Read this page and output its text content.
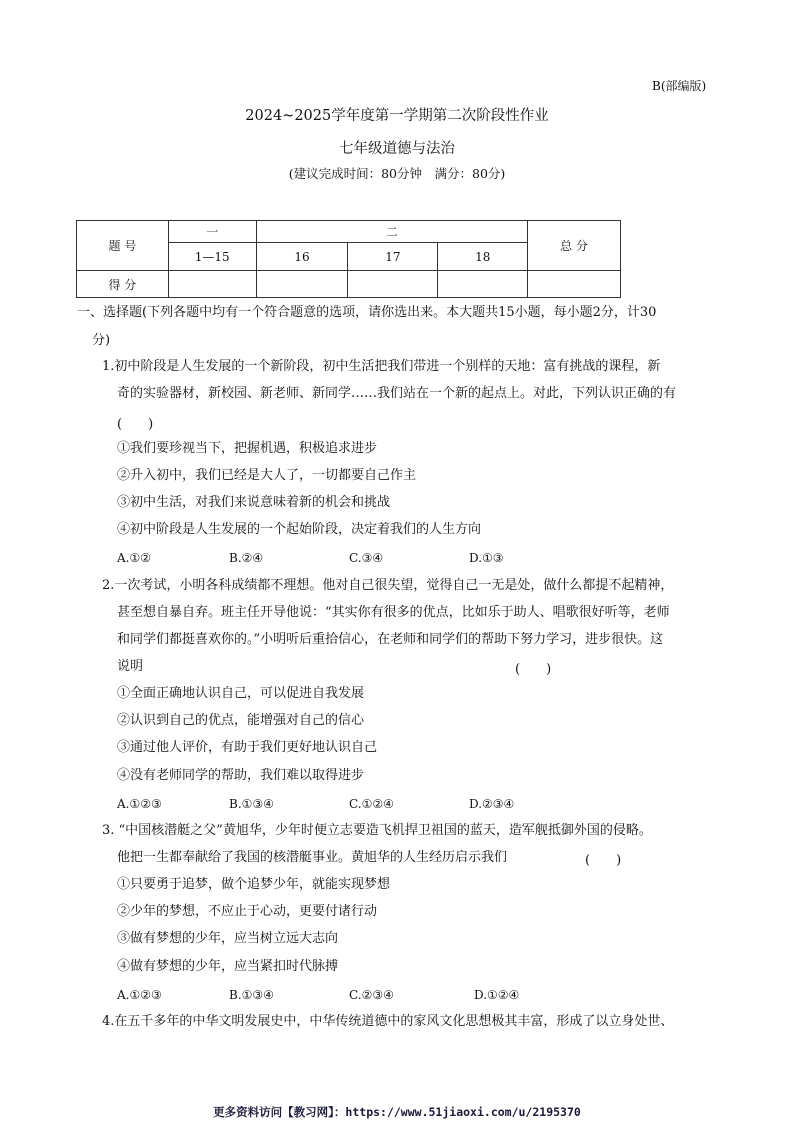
B(部编版)
2024~2025学年度第一学期第二次阶段性作业
七年级道德与法治
(建议完成时间：80分钟　满分：80分)
题 号	一	二			总 分
	1—15	16	17	18	
得 分					
一、选择题(下列各题中均有一个符合题意的选项，请你选出来。本大题共15小题，每小题2分，计30
分)
1.初中阶段是人生发展的一个新阶段，初中生活把我们带进一个别样的天地：富有挑战的课程，新
奇的实验器材，新校园、新老师、新同学……我们站在一个新的起点上。对此，下列认识正确的有
(　　)
①我们要珍视当下，把握机遇，积极追求进步
②升入初中，我们已经是大人了，一切都要自己作主
③初中生活，对我们来说意味着新的机会和挑战
④初中阶段是人生发展的一个起始阶段，决定着我们的人生方向
A.①②	B.②④	C.③④	D.①③
2.一次考试，小明各科成绩都不理想。他对自己很失望，觉得自己一无是处，做什么都提不起精神，
甚至想自暴自弃。班主任开导他说：“其实你有很多的优点，比如乐于助人、唱歌很好听等，老师
和同学们都挺喜欢你的。”小明听后重拾信心，在老师和同学们的帮助下努力学习，进步很快。这
说明	(　　)
①全面正确地认识自己，可以促进自我发展
②认识到自己的优点，能增强对自己的信心
③通过他人评价，有助于我们更好地认识自己
④没有老师同学的帮助，我们难以取得进步
A.①②③	B.①③④	C.①②④	D.②③④
3. “中国核潜艇之父”黄旭华，少年时便立志要造飞机捍卫祖国的蓝天，造军舰抵御外国的侵略。
他把一生都奉献给了我国的核潜艇事业。黄旭华的人生经历启示我们	(　　)
①只要勇于追梦，做个追梦少年，就能实现梦想
②少年的梦想，不应止于心动，更要付诸行动
③做有梦想的少年，应当树立远大志向
④做有梦想的少年，应当紧扣时代脉搏
A.①②③	B.①③④	C.②③④	D.①②④
4.在五千多年的中华文明发展史中，中华传统道德中的家风文化思想极其丰富，形成了以立身处世、
更多资料访问【教习网】：https://www.51jiaoxi.com/u/2195370
